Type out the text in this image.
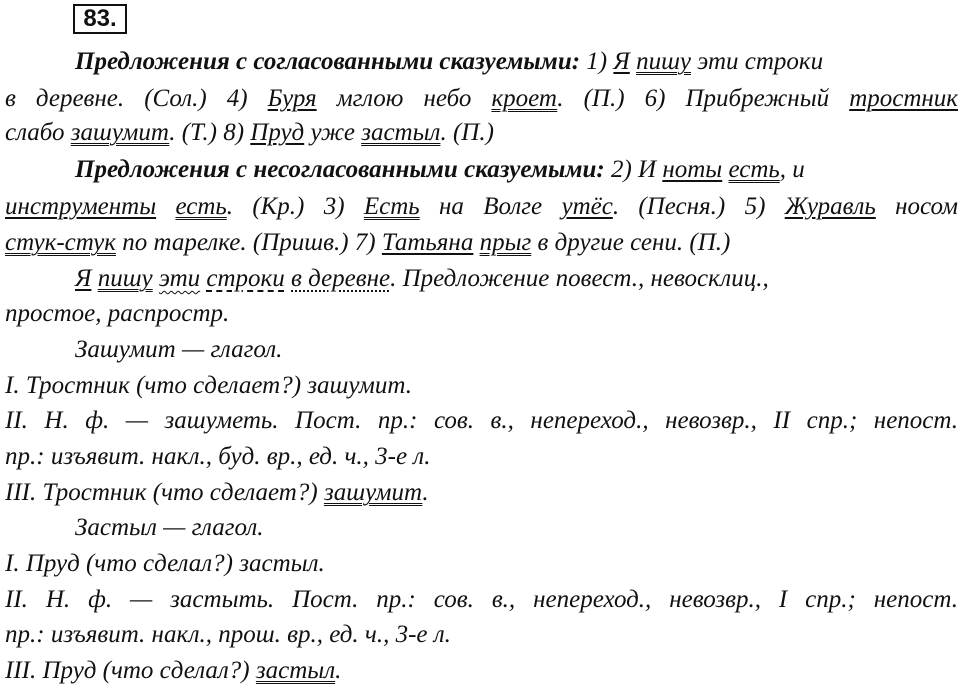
83.
Предложения с согласованными сказуемыми: 1) Я пишу эти строки
в деревне. (Сол.) 4) Буря мглою небо кроет. (П.) 6) Прибрежный тростник
слабо зашумит. (Т.) 8) Пруд уже застыл. (П.)
Предложения с несогласованными сказуемыми: 2) И ноты есть, и
инструменты есть. (Кр.) 3) Есть на Волге утёс. (Песня.) 5) Журавль носом
стук-стук по тарелке. (Пришв.) 7) Татьяна прыг в другие сени. (П.)
Я пишу эти строки в деревне. Предложение повест., невосклиц.,
простое, распростр.
Зашумит — глагол.
I. Тростник (что сделает?) зашумит.
II. Н. ф. — зашуметь. Пост. пр.: сов. в., непереход., невозвр., II спр.; непост.
пр.: изъявит. накл., буд. вр., ед. ч., 3-е л.
III. Тростник (что сделает?) зашумит.
Застыл — глагол.
I. Пруд (что сделал?) застыл.
II. Н. ф. — застыть. Пост. пр.: сов. в., непереход., невозвр., I спр.; непост.
пр.: изъявит. накл., прош. вр., ед. ч., 3-е л.
III. Пруд (что сделал?) застыл.
